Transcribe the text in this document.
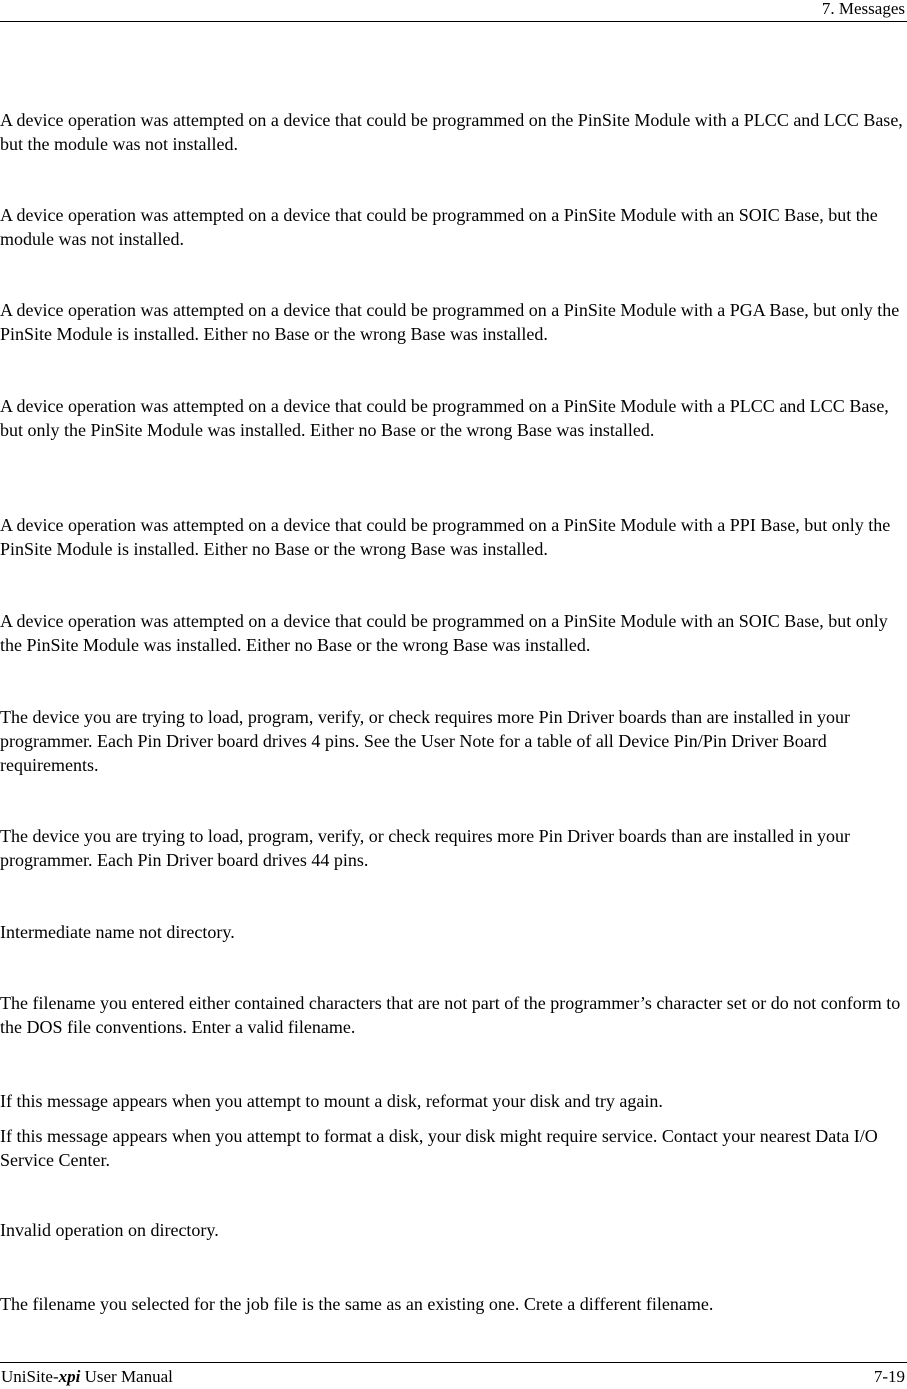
7. Messages

A device operation was attempted on a device that could be programmed on the PinSite Module with a PLCC and LCC Base, but the module was not installed.

A device operation was attempted on a device that could be programmed on a PinSite Module with an SOIC Base, but the module was not installed.

A device operation was attempted on a device that could be programmed on a PinSite Module with a PGA Base, but only the PinSite Module is installed. Either no Base or the wrong Base was installed.

A device operation was attempted on a device that could be programmed on a PinSite Module with a PLCC and LCC Base, but only the PinSite Module was installed. Either no Base or the wrong Base was installed.

A device operation was attempted on a device that could be programmed on a PinSite Module with a PPI Base, but only the PinSite Module is installed. Either no Base or the wrong Base was installed.

A device operation was attempted on a device that could be programmed on a PinSite Module with an SOIC Base, but only the PinSite Module was installed. Either no Base or the wrong Base was installed.

The device you are trying to load, program, verify, or check requires more Pin Driver boards than are installed in your programmer. Each Pin Driver board drives 4 pins. See the User Note for a table of all Device Pin/Pin Driver Board requirements.

The device you are trying to load, program, verify, or check requires more Pin Driver boards than are installed in your programmer. Each Pin Driver board drives 44 pins.

Intermediate name not directory.

The filename you entered either contained characters that are not part of the programmer’s character set or do not conform to the DOS file conventions. Enter a valid filename.

If this message appears when you attempt to mount a disk, reformat your disk and try again.

If this message appears when you attempt to format a disk, your disk might require service. Contact your nearest Data I/O Service Center.

Invalid operation on directory.

The filename you selected for the job file is the same as an existing one. Crete a different filename.

UniSite-xpi User Manual	7-19
